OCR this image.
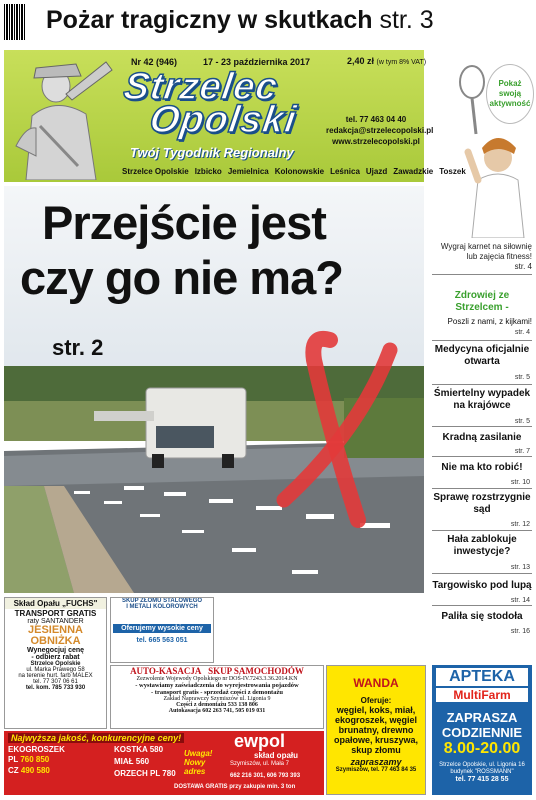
Pożar tragiczny w skutkach str. 3
Nr 42 (946)	17 - 23 października 2017	2,40 zł (w tym 8% VAT)
Strzelec
Opolski
Twój Tygodnik Regionalny
tel. 77 463 04 40
redakcja@strzelecopolski.pl
www.strzelecopolski.pl
Strzelce Opolskie Izbicko Jemielnica Kolonowskie Leśnica Ujazd Zawadzkie Toszek
Przejście jest
czy go nie ma?
str. 2
Pokaż swoją aktywność
Wygraj karnet na siłownię lub zajęcia fitness!
str. 4
Zdrowiej ze Strzelcem -
Poszli z nami, z kijkami!
str. 4
Medycyna oficjalnie otwarta
str. 5
Śmiertelny wypadek na krajówce
str. 5
Kradną zasilanie
str. 7
Nie ma kto robić!
str. 10
Sprawę rozstrzygnie sąd
str. 12
Hała zablokuje inwestycje?
str. 13
Targowisko pod lupą
str. 14
Paliła się stodoła
str. 16
Skład Opału „FUCHS"
TRANSPORT GRATIS
raty SANTANDER
JESIENNA
OBNIŻKA
Wynegocjuj cenę
- odbierz rabat
Strzelce Opolskie
ul. Marka Prawego 58
na terenie hurt. farb MALEX
tel. 77 307 06 61
tel. kom. 785 733 930
SKUP ZŁOMU STALOWEGO
I METALI KOLOROWYCH
Oferujemy wysokie ceny
tel. 665 563 051
AUTO-KASACJA SKUP SAMOCHODÓW
Zezwolenie Wojewody Opolskiego nr DOŚ-IV.7243.3.36.2014.KN
- wystawiamy zaświadczenia do wyrejestrowania pojazdów
- transport gratis - sprzedaż części z demontażu
Zakład Naprawczy Szymiszów ul. Ligonia 9
Części z demontażu 533 138 806
Autokasacja 602 263 741, 505 019 031
WANDA
Oferuje:
węgiel, koks, miał, ekogroszek, węgiel brunatny, drewno opałowe, kruszywa, skup złomu
zapraszamy
Szymiszów, tel. 77 463 84 35
APTEKA
MultiFarm
ZAPRASZA
CODZIENNIE
8.00-20.00
Strzelce Opolskie, ul. Ligonia 16 budynek "ROSSMANN"
tel. 77 415 28 55
Najwyższa jakość, konkurencyjne ceny!	ewpol
skład opału
Szymiszów, ul. Mała 7
EKOGROSZEK
PL 760 850
CZ 490 580
KOSTKA 580
MIAŁ 560
ORZECH PL 780
Uwaga! Nowy adres	662 216 301, 606 793 393
DOSTAWA GRATIS przy zakupie min. 3 ton
